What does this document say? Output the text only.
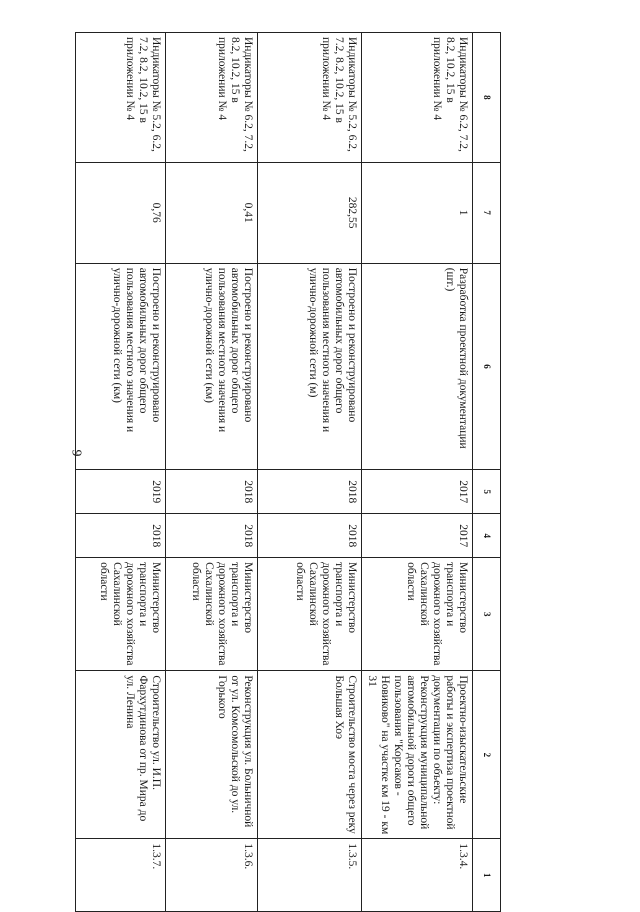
9
8	7	6	5	4	3	2	1
Индикаторы № 6.2, 7.2, 8.2, 10.2, 15 в приложении № 4	1	Разработка проектной документации (шт.)	2017	2017	Министерство транспорта и дорожного хозяйства Сахалинской области	Проектно-изыскательские работы и экспертиза проектной документации по объекту: Реконструкция муниципальной автомобильной дороги общего пользования "Корсаков - Новиково" на участке км 19 - км 31	1.3.4.
Индикаторы № 5.2, 6.2, 7.2, 8.2, 10.2, 15 в приложении № 4	282,55	Построено и реконструировано автомобильных дорог общего пользования местного значения и улично-дорожной сети (м)	2018	2018	Министерство транспорта и дорожного хозяйства Сахалинской области	Строительство моста через реку Большая Хоэ	1.3.5.
Индикаторы № 6.2, 7.2, 8.2, 10.2, 15 в приложении № 4	0,41	Построено и реконструировано автомобильных дорог общего пользования местного значения и улично-дорожной сети (км)	2018	2018	Министерство транспорта и дорожного хозяйства Сахалинской области	Реконструкция ул. Больничной от ул. Комсомольской до ул. Горького	1.3.6.
Индикаторы № 5.2, 6.2, 7.2, 8.2, 10.2, 15 в приложении № 4	0,76	Построено и реконструировано автомобильных дорог общего пользования местного значения и улично-дорожной сети (км)	2019	2018	Министерство транспорта и дорожного хозяйства Сахалинской области	Строительство ул. И.П. Фархутдинова от пр. Мира до ул. Ленина	1.3.7.
